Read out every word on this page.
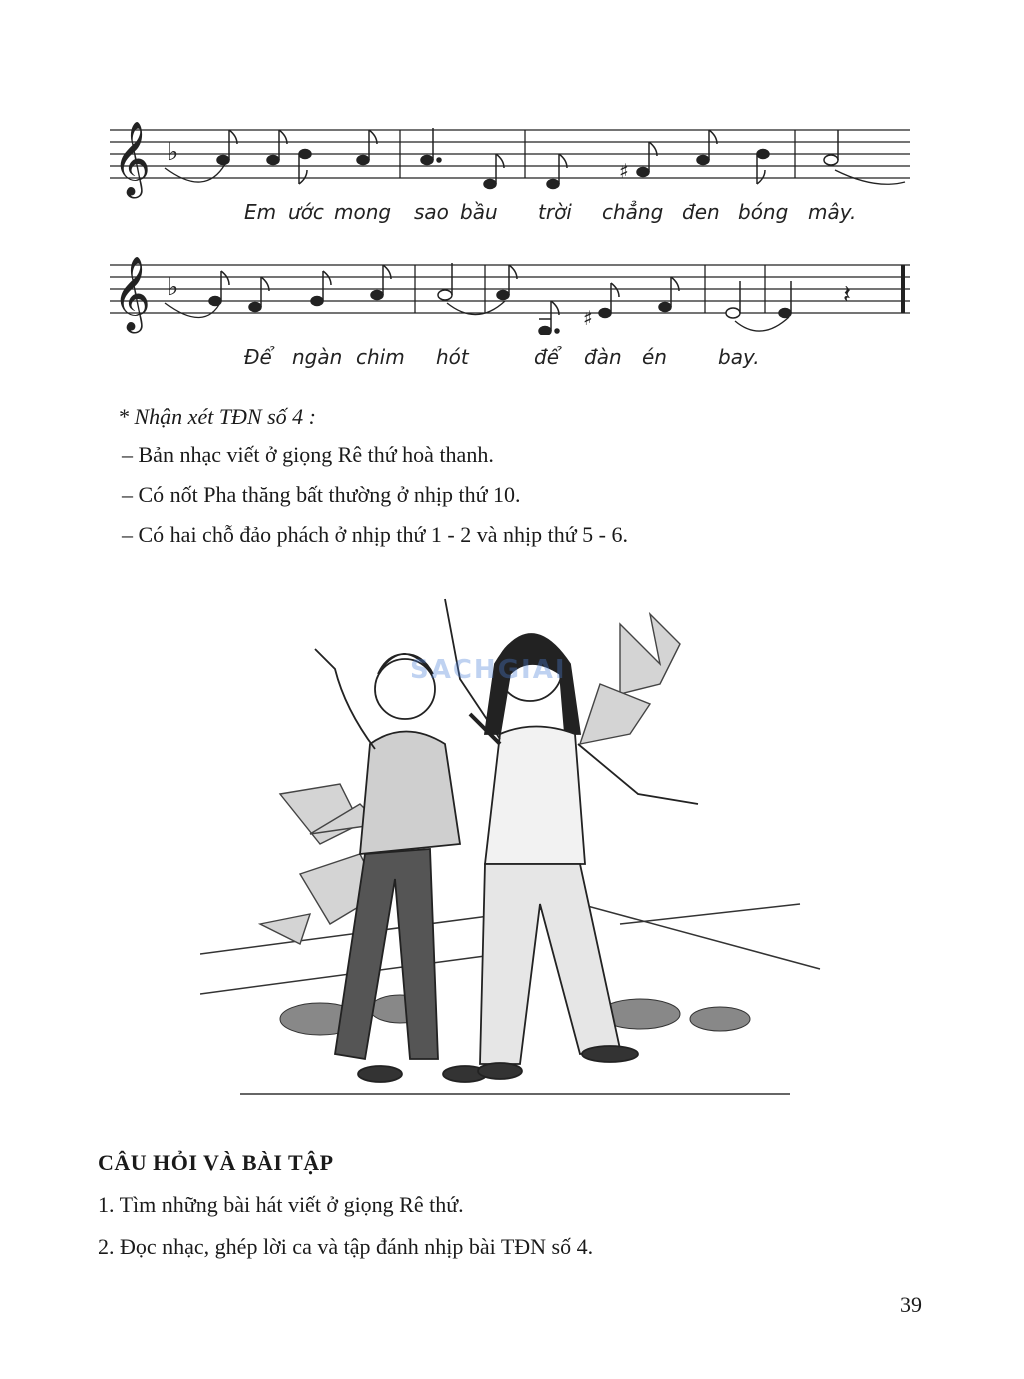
𝄞 ♭
♯
Em ước mong sao bầu trời chẳng đen bóng mây.
𝄞 ♭
♯
𝄽
Để ngàn chim hót	để đàn én	bay.
* Nhận xét TĐN số 4 :
– Bản nhạc viết ở giọng Rê thứ hoà thanh.
– Có nốt Pha thăng bất thường ở nhịp thứ 10.
– Có hai chỗ đảo phách ở nhịp thứ 1 - 2 và nhịp thứ 5 - 6.
SACHGIAI
CÂU HỎI VÀ BÀI TẬP
1. Tìm những bài hát viết ở giọng Rê thứ.
2. Đọc nhạc, ghép lời ca và tập đánh nhịp bài TĐN số 4.
39
